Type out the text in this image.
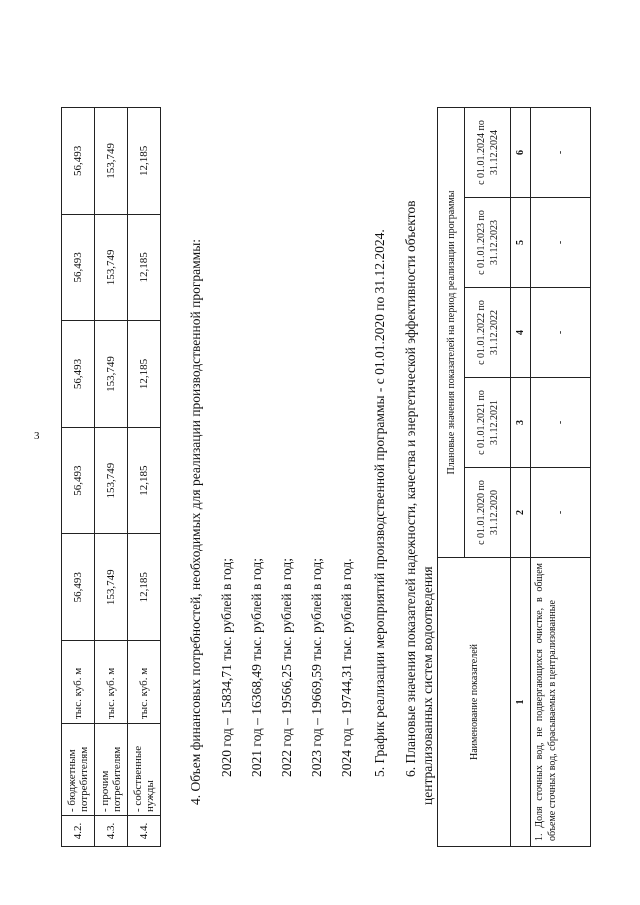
3
4.2.	- бюджетным потребителям	тыс. куб. м	56,493	56,493	56,493	56,493	56,493
4.3.	- прочим потребителям	тыс. куб. м	153,749	153,749	153,749	153,749	153,749
4.4.	- собственные нужды	тыс. куб. м	12,185	12,185	12,185	12,185	12,185
4. Объем финансовых потребностей, необходимых для реализации производственной программы: 2020 год – 15834,71 тыс. рублей в год; 2021 год – 16368,49 тыс. рублей в год; 2022 год – 19566,25 тыс. рублей в год; 2023 год – 19669,59 тыс. рублей в год; 2024 год – 19744,31 тыс. рублей в год. 5. График реализации мероприятий производственной программы - с 01.01.2020 по 31.12.2024. 6. Плановые значения показателей надежности, качества и энергетической эффективности объектов централизованных систем водоотведения	Наименование показателей	Плановые значения показателей на период реализации программы				
	с 01.01.2020 по 31.12.2020	с 01.01.2021 по 31.12.2021	с 01.01.2022 по 31.12.2022	с 01.01.2023 по 31.12.2023	с 01.01.2024 по 31.12.2024
1	2	3	4	5	6
1. Доля сточных вод, не подвергающихся очистке, в общем объеме сточных вод, сбрасываемых в централизованные	-	-	-	-	-
